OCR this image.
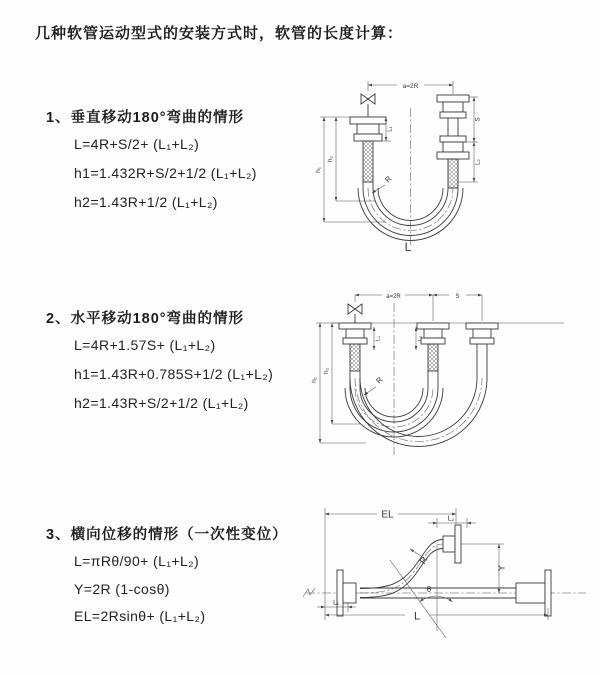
几种软管运动型式的安装方式时，软管的长度计算：
1、垂直移动180°弯曲的情形
L=4R+S/2+ (L₁+L₂)
h1=1.432R+S/2+1/2 (L₁+L₂)
h2=1.43R+1/2 (L₁+L₂)
2、水平移动180°弯曲的情形
L=4R+1.57S+ (L₁+L₂)
h1=1.43R+0.785S+1/2 (L₁+L₂)
h2=1.43R+S/2+1/2 (L₁+L₂)
3、横向位移的情形（一次性变位）
L=πRθ/90+ (L₁+L₂)
Y=2R (1-cosθ)
EL=2Rsinθ+ (L₁+L₂)
a=2R
L₁
S
L₂
h₁
h₂
R
L
a=2R	S
h₁
h₂
L₁	L₂
R
EL	L₂
Y
R
θ
L
L₁
